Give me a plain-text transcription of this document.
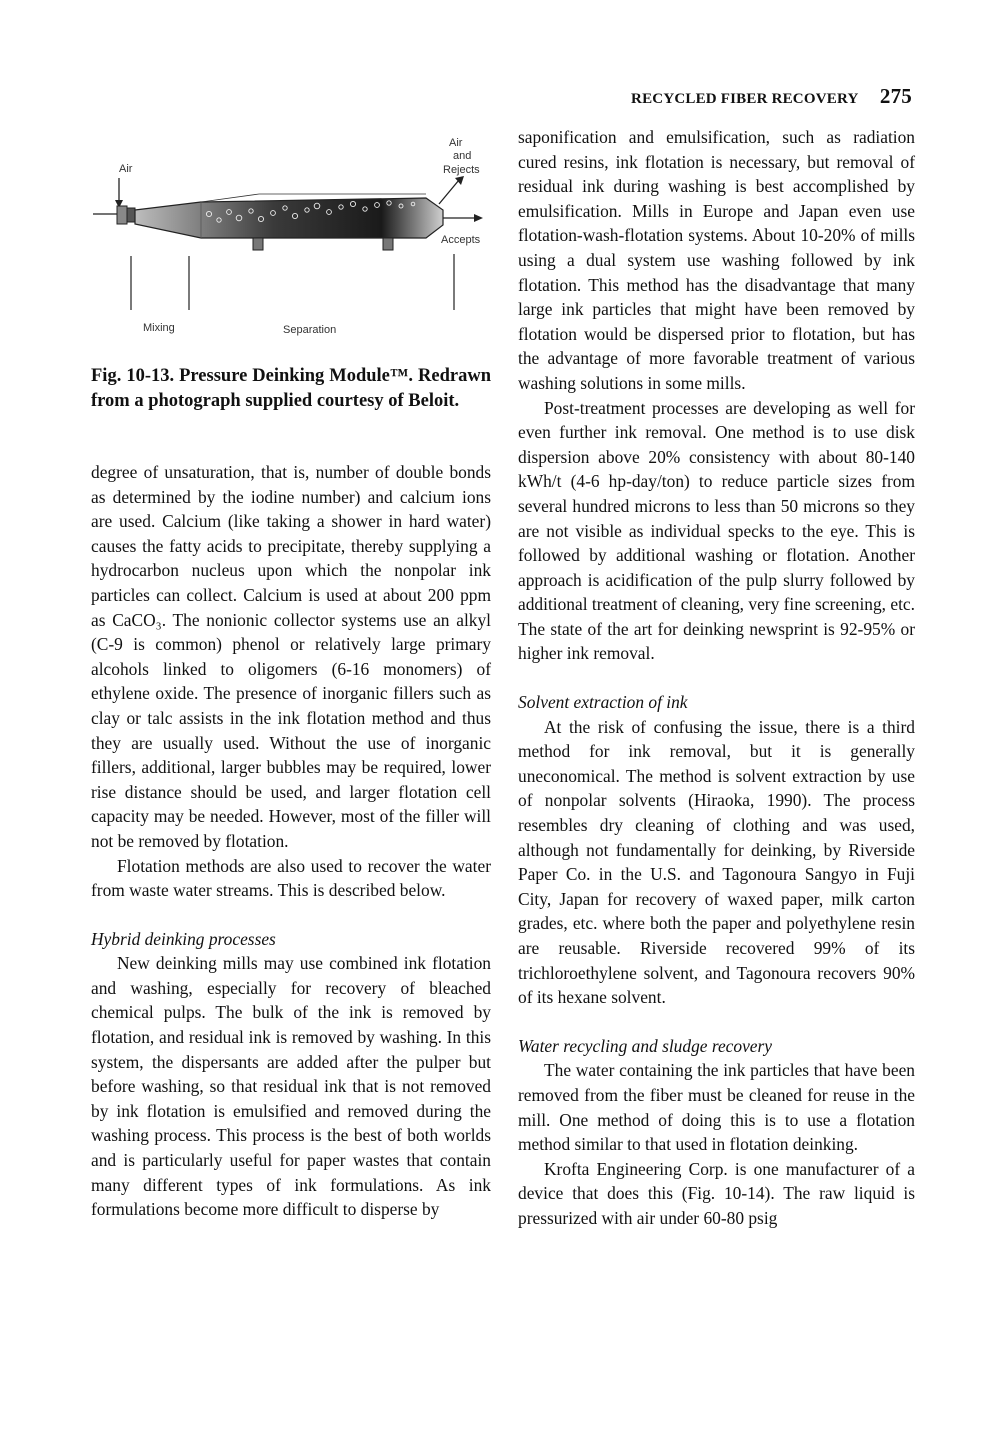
RECYCLED FIBER RECOVERY 275
Air
Air
and
Rejects
Accepts
Mixing	Separation
Fig. 10-13. Pressure Deinking Module™. Redrawn from a photograph supplied courtesy of Beloit.

degree of unsaturation, that is, number of double bonds as determined by the iodine number) and calcium ions are used. Calcium (like taking a shower in hard water) causes the fatty acids to precipitate, thereby supplying a hydrocarbon nucleus upon which the nonpolar ink particles can collect. Calcium is used at about 200 ppm as CaCO₃. The nonionic collector systems use an alkyl (C-9 is common) phenol or relatively large primary alcohols linked to oligomers (6-16 monomers) of ethylene oxide. The presence of inorganic fillers such as clay or talc assists in the ink flotation method and thus they are usually used. Without the use of inorganic fillers, additional, larger bubbles may be required, lower rise distance should be used, and larger flotation cell capacity may be needed. However, most of the filler will not be removed by flotation.

Flotation methods are also used to recover the water from waste water streams. This is described below.

Hybrid deinking processes

New deinking mills may use combined ink flotation and washing, especially for recovery of bleached chemical pulps. The bulk of the ink is removed by flotation, and residual ink is removed by washing. In this system, the dispersants are added after the pulper but before washing, so that residual ink that is not removed by ink flotation is emulsified and removed during the washing process. This process is the best of both worlds and is particularly useful for paper wastes that contain many different types of ink formulations. As ink formulations become more difficult to disperse by

saponification and emulsification, such as radiation cured resins, ink flotation is necessary, but removal of residual ink during washing is best accomplished by emulsification. Mills in Europe and Japan even use flotation-wash-flotation systems. About 10-20% of mills using a dual system use washing followed by ink flotation. This method has the disadvantage that many large ink particles that might have been removed by flotation would be dispersed prior to flotation, but has the advantage of more favorable treatment of various washing solutions in some mills.

Post-treatment processes are developing as well for even further ink removal. One method is to use disk dispersion above 20% consistency with about 80-140 kWh/t (4-6 hp-day/ton) to reduce particle sizes from several hundred microns to less than 50 microns so they are not visible as individual specks to the eye. This is followed by additional washing or flotation. Another approach is acidification of the pulp slurry followed by additional treatment of cleaning, very fine screening, etc. The state of the art for deinking newsprint is 92-95% or higher ink removal.

Solvent extraction of ink

At the risk of confusing the issue, there is a third method for ink removal, but it is generally uneconomical. The method is solvent extraction by use of nonpolar solvents (Hiraoka, 1990). The process resembles dry cleaning of clothing and was used, although not fundamentally for deinking, by Riverside Paper Co. in the U.S. and Tagonoura Sangyo in Fuji City, Japan for recovery of waxed paper, milk carton grades, etc. where both the paper and polyethylene resin are reusable. Riverside recovered 99% of its trichloroethylene solvent, and Tagonoura recovers 90% of its hexane solvent.

Water recycling and sludge recovery

The water containing the ink particles that have been removed from the fiber must be cleaned for reuse in the mill. One method of doing this is to use a flotation method similar to that used in flotation deinking.

Krofta Engineering Corp. is one manufacturer of a device that does this (Fig. 10-14). The raw liquid is pressurized with air under 60-80 psig
